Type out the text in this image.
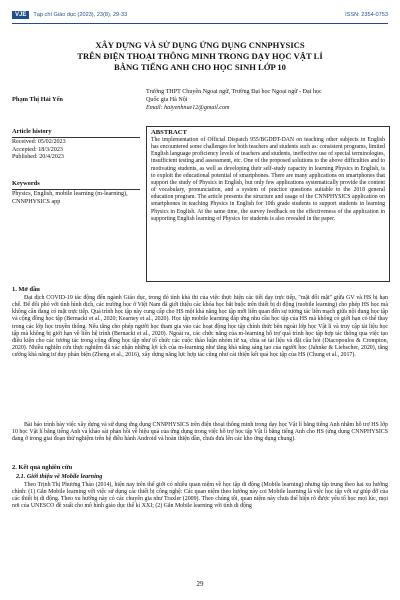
VJE	Tạp chí Giáo dục (2023), 23(8), 29-33	ISSN: 2354-0753
XÂY DỰNG VÀ SỬ DỤNG ỨNG DỤNG CNNPHYSICS
TRÊN ĐIỆN THOẠI THÔNG MINH TRONG DẠY HỌC VẬT LÍ
BẰNG TIẾNG ANH CHO HỌC SINH LỚP 10
Phạm Thị Hải Yến
Trường THPT Chuyên Ngoại ngữ, Trường Đại học Ngoại ngữ - Đại học
Quốc gia Hà Nội
Email: haiyenhnue12@gmail.com
Article history
Received: 05/02/2023
Accepted: 18/3/2023
Published: 20/4/2023
Keywords
Physics, English, mobile learning (m-learning), CNNPHYSICS app
ABSTRACT
The implementation of Official Dispatch 955/BGDĐT-DAN on teaching other subjects in English has encountered some challenges for both teachers and students such as: consistent programs, limited English language proficiency levels of teachers and students, ineffective use of special terminologies, insufficient testing and assessment, etc. One of the proposed solutions to the above difficulties and to motivating students, as well as developing their self-study capacity in learning Physics in English, is to exploit the educational potential of smartphones. There are many applications on smartphones that support the study of Physics in English, but only few applications systematically provide the content of vocabulary, pronunciation, and a system of practice questions suitable to the 2018 general education program. The article presents the structure and usage of the CNNPHYSICS application on smartphones in teaching Physics in English for 10th grade students to support students in learning Physics in English. At the same time, the survey feedback on the effectiveness of the application in supporting English learning of Physics for students is also revealed in the paper.
1. Mở đầu
Đại dịch COVID-19 tác động đến ngành Giáo dục, trong đó tính khả thi của việc thực hiện các tiết dạy trực tiếp, "mặt đối mặt" giữa GV và HS bị hạn chế. Để đối phó với tình hình dịch, các trường học ở Việt Nam đã giới thiệu các khóa học bắt buộc trên thiết bị di động (mobile learning) cho phép HS học mà không cần đang có mặt trực tiếp. Quá trình học tập này cung cấp cho HS một khả năng học tập mới liên quan đến sự tương tác liên mạch giữa nội dung học tập và cộng đồng học tập (Bernacki et al., 2020; Kearney et al., 2020). Học tập mobile learning đáp ứng nhu cầu học tập của HS mà không có giới hạn có thể thay trong các lớp học truyền thống. Nếu tăng cho phép người học tham gia vào các hoạt động học tập chính thức bên ngoài lớp học Vật lí và truy cập tài liệu học tập mà không bị giới hạn về liên hệ trình (Bernacki et al., 2020). Ngoài ra, các chức năng của m-learning hỗ trợ quá trình học tập hợp tác thông qua việc tạo điều kiện cho các tương tác trong cộng đồng học tập như tổ chức các cuộc thảo luận nhóm từ xa, chia sẻ tài liệu và đặt câu hỏi (Diacopoulos & Crompton, 2020). Nhiều nghiên cứu thực nghiệm đã xác nhận những lợi ích của m-learning như tăng khả năng sáng tạo của người học (Jahnke & Liebscher, 2020), tăng cường khả năng tư duy phản biện (Zheng et al., 2016), xây dựng năng lực hợp tác cũng như cải thiện kết quả học tập của HS (Chung et al., 2017).
Bài báo trình bày việc xây dựng và sử dụng ứng dụng CNNPHYSICS trên điện thoại thông minh trong dạy học Vật lí bằng tiếng Anh nhằm hỗ trợ HS lớp 10 học Vật lí bằng tiếng Anh và khảo sát phản hồi về hiệu quả của ứng dụng trong việc hỗ trợ học tập Vật lí bằng tiếng Anh cho HS (ứng dụng CNNPHYSICS đang ở trong giai đoạn thử nghiệm trên hệ điều hành Android và hoàn thiện dần, chưa đưa lên các kho ứng dụng chung).
2. Kết quả nghiên cứu
2.1. Giới thiệu về Mobile learning
Theo Trịnh Thị Phương Thảo (2014), hiện nay trên thế giới có nhiều quan niệm về học tập di động (Mobile learning) nhưng tập trung theo hai xu hướng chính: (1) Gắn Mobile learning với việc sử dụng các thiết bị công nghệ: Các quan niệm theo hướng này coi Mobile learning là việc học tập với sự giúp đỡ của các thiết bị di động. Theo xu hướng này có các chuyên gia như Traxler (2009). Theo chúng tôi, quan niệm này chưa thể hiện rõ được yếu tố học mọi lúc, mọi nơi của UNESCO đề xuất cho mô hình giáo dục thế kỉ XXI; (2) Gắn Mobile learning với tính di động
29
